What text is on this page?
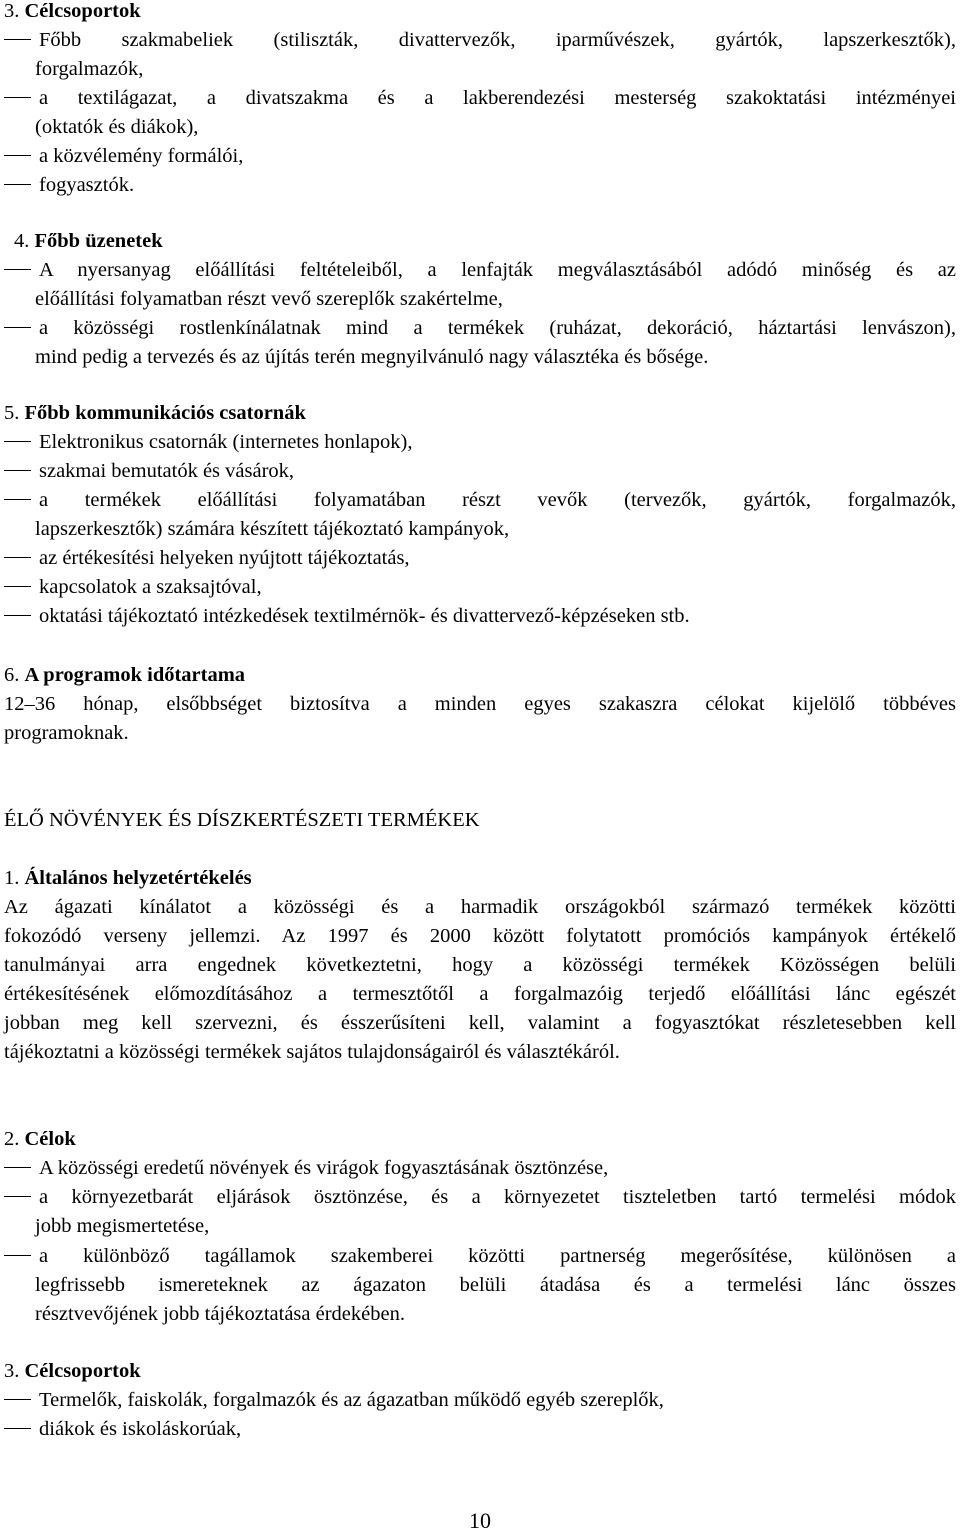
3. Célcsoportok
Főbb szakmabeliek (stiliszták, divattervezők, iparművészek, gyártók, lapszerkesztők),
forgalmazók,
a textilágazat, a divatszakma és a lakberendezési mesterség szakoktatási intézményei
(oktatók és diákok),
a közvélemény formálói,
fogyasztók.
4. Főbb üzenetek
A nyersanyag előállítási feltételeiből, a lenfajták megválasztásából adódó minőség és az
előállítási folyamatban részt vevő szereplők szakértelme,
a közösségi rostlenkínálatnak mind a termékek (ruházat, dekoráció, háztartási lenvászon),
mind pedig a tervezés és az újítás terén megnyilvánuló nagy választéka és bősége.
5. Főbb kommunikációs csatornák
Elektronikus csatornák (internetes honlapok),
szakmai bemutatók és vásárok,
a termékek előállítási folyamatában részt vevők (tervezők, gyártók, forgalmazók,
lapszerkesztők) számára készített tájékoztató kampányok,
az értékesítési helyeken nyújtott tájékoztatás,
kapcsolatok a szaksajtóval,
oktatási tájékoztató intézkedések textilmérnök- és divattervező-képzéseken stb.
6. A programok időtartama
12–36 hónap, elsőbbséget biztosítva a minden egyes szakaszra célokat kijelölő többéves
programoknak.
ÉLŐ NÖVÉNYEK ÉS DÍSZKERTÉSZETI TERMÉKEK
1. Általános helyzetértékelés
Az ágazati kínálatot a közösségi és a harmadik országokból származó termékek közötti
fokozódó verseny jellemzi. Az 1997 és 2000 között folytatott promóciós kampányok értékelő
tanulmányai arra engednek következtetni, hogy a közösségi termékek Közösségen belüli
értékesítésének előmozdításához a termesztőtől a forgalmazóig terjedő előállítási lánc egészét
jobban meg kell szervezni, és ésszerűsíteni kell, valamint a fogyasztókat részletesebben kell
tájékoztatni a közösségi termékek sajátos tulajdonságairól és választékáról.
2. Célok
A közösségi eredetű növények és virágok fogyasztásának ösztönzése,
a környezetbarát eljárások ösztönzése, és a környezetet tiszteletben tartó termelési módok
jobb megismertetése,
a különböző tagállamok szakemberei közötti partnerség megerősítése, különösen a
legfrissebb ismereteknek az ágazaton belüli átadása és a termelési lánc összes
résztvevőjének jobb tájékoztatása érdekében.
3. Célcsoportok
Termelők, faiskolák, forgalmazók és az ágazatban működő egyéb szereplők,
diákok és iskoláskorúak,
10
